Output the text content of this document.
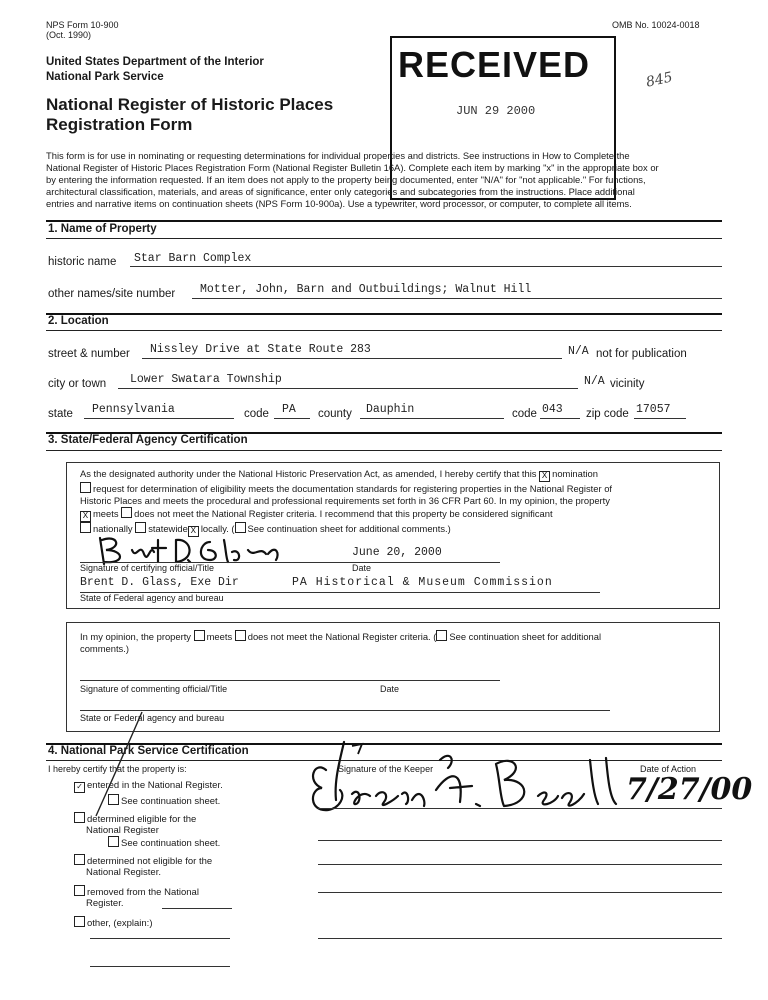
NPS Form 10-900
(Oct. 1990)
OMB No. 10024-0018
United States Department of the Interior
National Park Service
National Register of Historic Places
Registration Form
RECEIVED
JUN 29 2000
845
This form is for use in nominating or requesting determinations for individual properties and districts. See instructions in How to Complete the
National Register of Historic Places Registration Form (National Register Bulletin 16A). Complete each item by marking "x" in the appropriate box or
by entering the information requested. If an item does not apply to the property being documented, enter "N/A" for "not applicable." For functions,
architectural classification, materials, and areas of significance, enter only categories and subcategories from the instructions. Place additional
entries and narrative items on continuation sheets (NPS Form 10-900a). Use a typewriter, word processor, or computer, to complete all items.
1. Name of Property
historic name Star Barn Complex
other names/site number Motter, John, Barn and Outbuildings; Walnut Hill
2. Location
street & number Nissley Drive at State Route 283	N/A not for publication
city or town Lower Swatara Township	N/A vicinity
state Pennsylvania	code PA county Dauphin	code 043 zip code 17057
3. State/Federal Agency Certification
As the designated authority under the National Historic Preservation Act, as amended, I hereby certify that this X nomination
request for determination of eligibility meets the documentation standards for registering properties in the National Register of
Historic Places and meets the procedural and professional requirements set forth in 36 CFR Part 60. In my opinion, the property
X meets does not meet the National Register criteria. I recommend that this property be considered significant
nationally statewide X locally. ( See continuation sheet for additional comments.)
June 20, 2000
Signature of certifying official/Title	Date
Brent D. Glass, Exe Dir	PA Historical & Museum Commission
State of Federal agency and bureau
In my opinion, the property meets does not meet the National Register criteria. ( See continuation sheet for additional
comments.)
Signature of commenting official/Title	Date
State or Federal agency and bureau
4. National Park Service Certification
I hereby certify that the property is:	Signature of the Keeper	Date of Action
✓ entered in the National Register.
See continuation sheet.
determined eligible for the
National Register
See continuation sheet.
determined not eligible for the
National Register.
removed from the National
Register.
other, (explain:)
7/27/00
